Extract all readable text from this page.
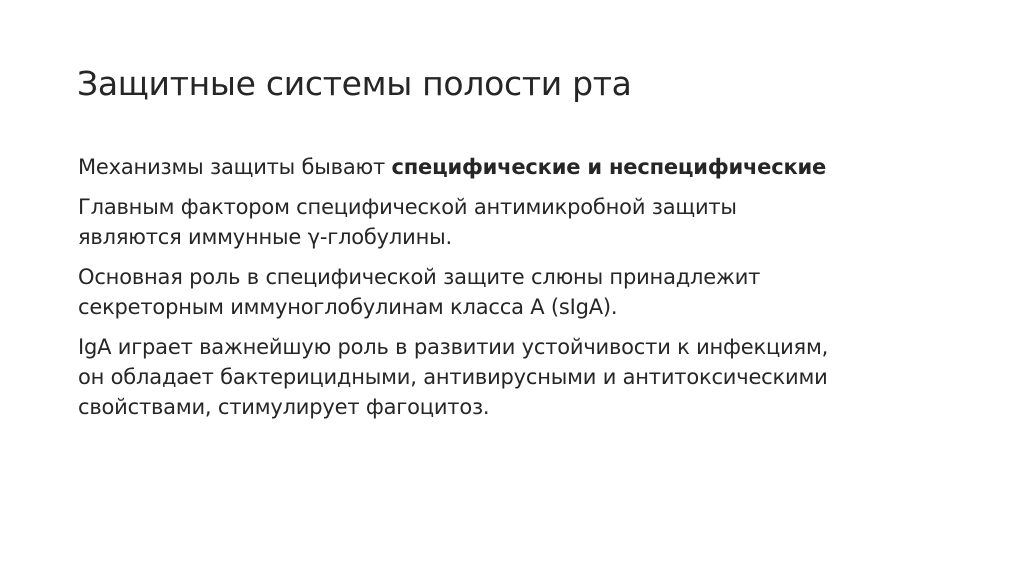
Защитные системы полости рта
Механизмы защиты бывают специфические и неспецифические
Главным фактором специфической антимикробной защиты
являются иммунные γ-глобулины.
Основная роль в специфической защите слюны принадлежит
секреторным иммуноглобулинам класса А (sIgA).
IgA играет важнейшую роль в развитии устойчивости к инфекциям,
он обладает бактерицидными, антивирусными и антитоксическими
свойствами, стимулирует фагоцитоз.
